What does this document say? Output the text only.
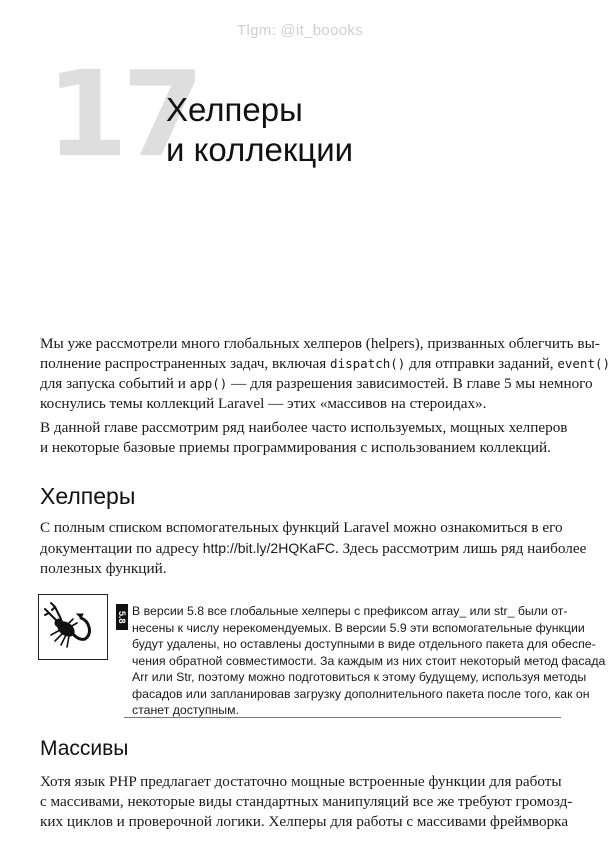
Tlgm: @it_boooks
17
Хелперы
и коллекции
Мы уже рассмотрели много глобальных хелперов (helpers), призванных облегчить вы-
полнение распространенных задач, включая dispatch() для отправки заданий, event()
для запуска событий и app() — для разрешения зависимостей. В главе 5 мы немного
коснулись темы коллекций Laravel — этих «массивов на стероидах».
В данной главе рассмотрим ряд наиболее часто используемых, мощных хелперов
и некоторые базовые приемы программирования с использованием коллекций.
Хелперы
С полным списком вспомогательных функций Laravel можно ознакомиться в его
документации по адресу http://bit.ly/2HQKaFC. Здесь рассмотрим лишь ряд наиболее
полезных функций.
5.8 В версии 5.8 все глобальные хелперы с префиксом array_ или str_ были от-
несены к числу нерекомендуемых. В версии 5.9 эти вспомогательные функции
будут удалены, но оставлены доступными в виде отдельного пакета для обеспе-
чения обратной совместимости. За каждым из них стоит некоторый метод фасада
Arr или Str, поэтому можно подготовиться к этому будущему, используя методы
фасадов или запланировав загрузку дополнительного пакета после того, как он
станет доступным.
Массивы
Хотя язык PHP предлагает достаточно мощные встроенные функции для работы
с массивами, некоторые виды стандартных манипуляций все же требуют громозд-
ких циклов и проверочной логики. Хелперы для работы с массивами фреймворка
